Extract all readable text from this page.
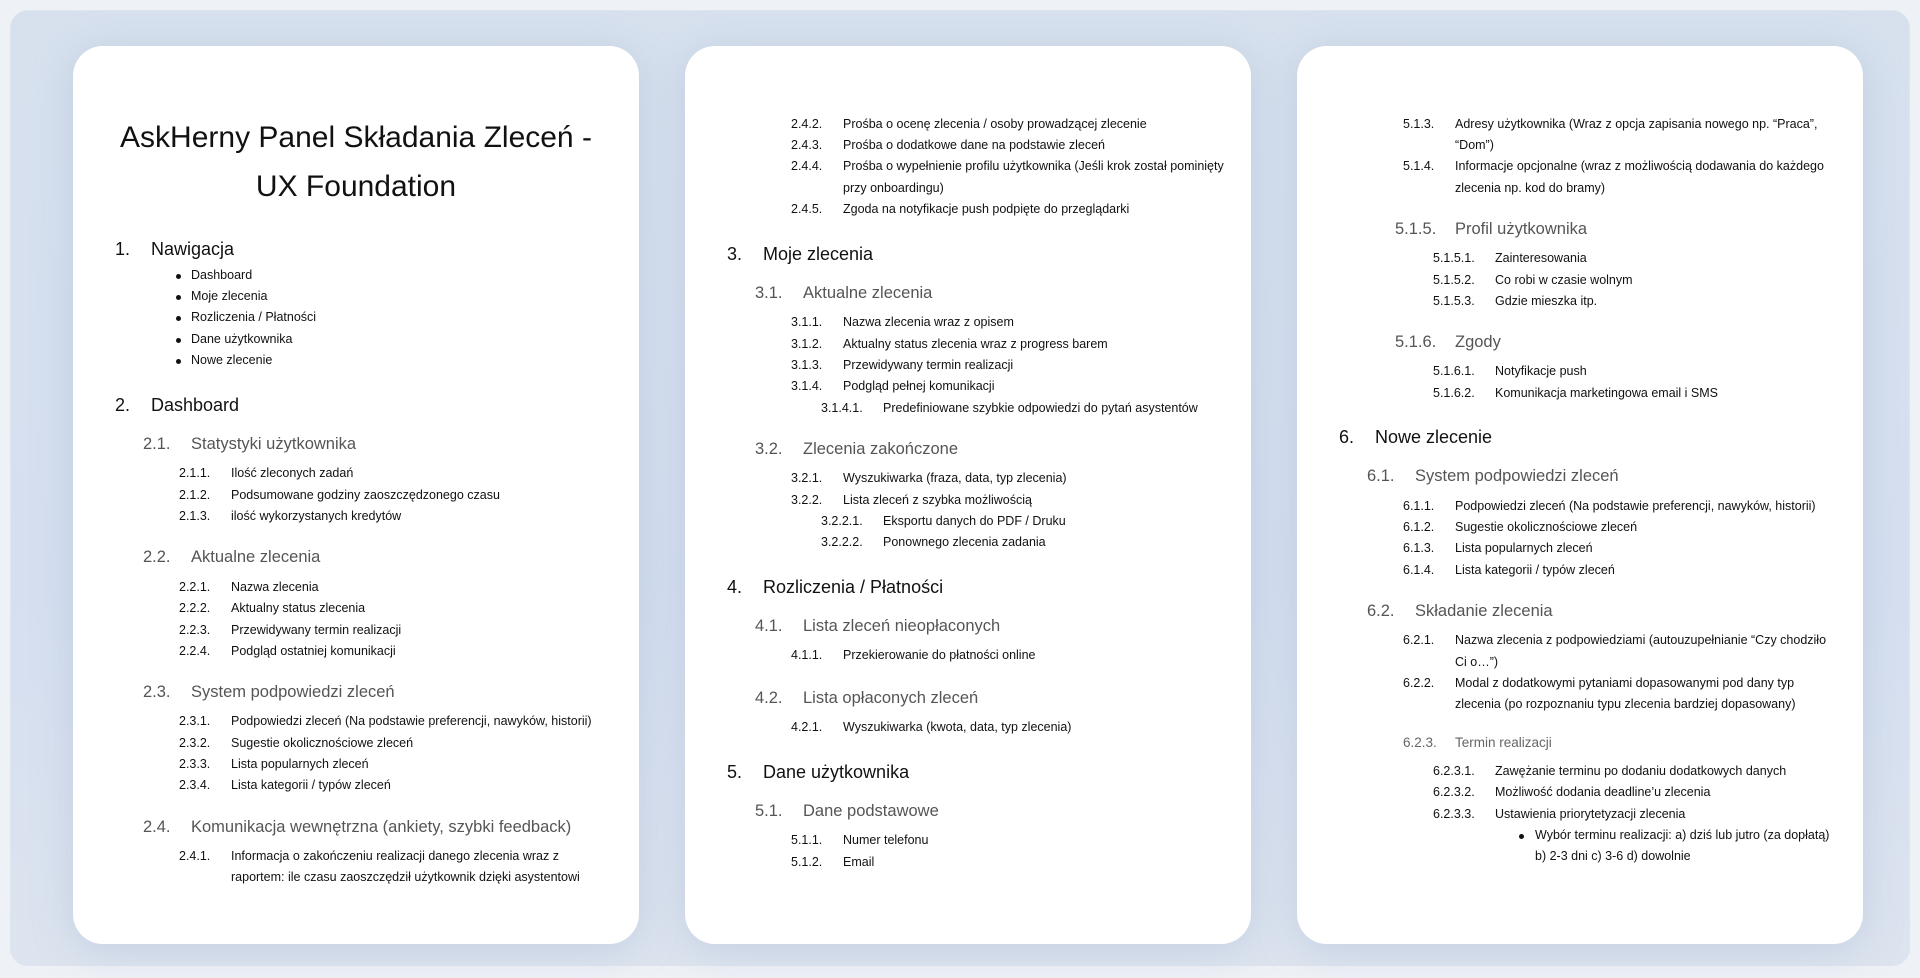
AskHerny Panel Składania Zleceń -
UX Foundation
1. Nawigacja
Dashboard
Moje zlecenia
Rozliczenia / Płatności
Dane użytkownika
Nowe zlecenie
2. Dashboard
2.1. Statystyki użytkownika
2.1.1. Ilość zleconych zadań
2.1.2. Podsumowane godziny zaoszczędzonego czasu
2.1.3. ilość wykorzystanych kredytów
2.2. Aktualne zlecenia
2.2.1. Nazwa zlecenia
2.2.2. Aktualny status zlecenia
2.2.3. Przewidywany termin realizacji
2.2.4. Podgląd ostatniej komunikacji
2.3. System podpowiedzi zleceń
2.3.1. Podpowiedzi zleceń (Na podstawie preferencji, nawyków, historii)
2.3.2. Sugestie okolicznościowe zleceń
2.3.3. Lista popularnych zleceń
2.3.4. Lista kategorii / typów zleceń
2.4. Komunikacja wewnętrzna (ankiety, szybki feedback)
2.4.1. Informacja o zakończeniu realizacji danego zlecenia wraz z
raportem: ile czasu zaoszczędził użytkownik dzięki asystentowi
2.4.2. Prośba o ocenę zlecenia / osoby prowadzącej zlecenie
2.4.3. Prośba o dodatkowe dane na podstawie zleceń
2.4.4. Prośba o wypełnienie profilu użytkownika (Jeśli krok został pominięty
przy onboardingu)
2.4.5. Zgoda na notyfikacje push podpięte do przeglądarki
3. Moje zlecenia
3.1. Aktualne zlecenia
3.1.1. Nazwa zlecenia wraz z opisem
3.1.2. Aktualny status zlecenia wraz z progress barem
3.1.3. Przewidywany termin realizacji
3.1.4. Podgląd pełnej komunikacji
3.1.4.1. Predefiniowane szybkie odpowiedzi do pytań asystentów
3.2. Zlecenia zakończone
3.2.1. Wyszukiwarka (fraza, data, typ zlecenia)
3.2.2. Lista zleceń z szybka możliwością
3.2.2.1. Eksportu danych do PDF / Druku
3.2.2.2. Ponownego zlecenia zadania
4. Rozliczenia / Płatności
4.1. Lista zleceń nieopłaconych
4.1.1. Przekierowanie do płatności online
4.2. Lista opłaconych zleceń
4.2.1. Wyszukiwarka (kwota, data, typ zlecenia)
5. Dane użytkownika
5.1. Dane podstawowe
5.1.1. Numer telefonu
5.1.2. Email
5.1.3. Adresy użytkownika (Wraz z opcja zapisania nowego np. “Praca”,
“Dom”)
5.1.4. Informacje opcjonalne (wraz z możliwością dodawania do każdego
zlecenia np. kod do bramy)
5.1.5. Profil użytkownika
5.1.5.1. Zainteresowania
5.1.5.2. Co robi w czasie wolnym
5.1.5.3. Gdzie mieszka itp.
5.1.6. Zgody
5.1.6.1. Notyfikacje push
5.1.6.2. Komunikacja marketingowa email i SMS
6. Nowe zlecenie
6.1. System podpowiedzi zleceń
6.1.1. Podpowiedzi zleceń (Na podstawie preferencji, nawyków, historii)
6.1.2. Sugestie okolicznościowe zleceń
6.1.3. Lista popularnych zleceń
6.1.4. Lista kategorii / typów zleceń
6.2. Składanie zlecenia
6.2.1. Nazwa zlecenia z podpowiedziami (autouzupełnianie “Czy chodziło
Ci o…”)
6.2.2. Modal z dodatkowymi pytaniami dopasowanymi pod dany typ
zlecenia (po rozpoznaniu typu zlecenia bardziej dopasowany)
6.2.3. Termin realizacji
6.2.3.1. Zawężanie terminu po dodaniu dodatkowych danych
6.2.3.2. Możliwość dodania deadline’u zlecenia
6.2.3.3. Ustawienia priorytetyzacji zlecenia
Wybór terminu realizacji: a) dziś lub jutro (za dopłatą)
b) 2-3 dni c) 3-6 d) dowolnie
